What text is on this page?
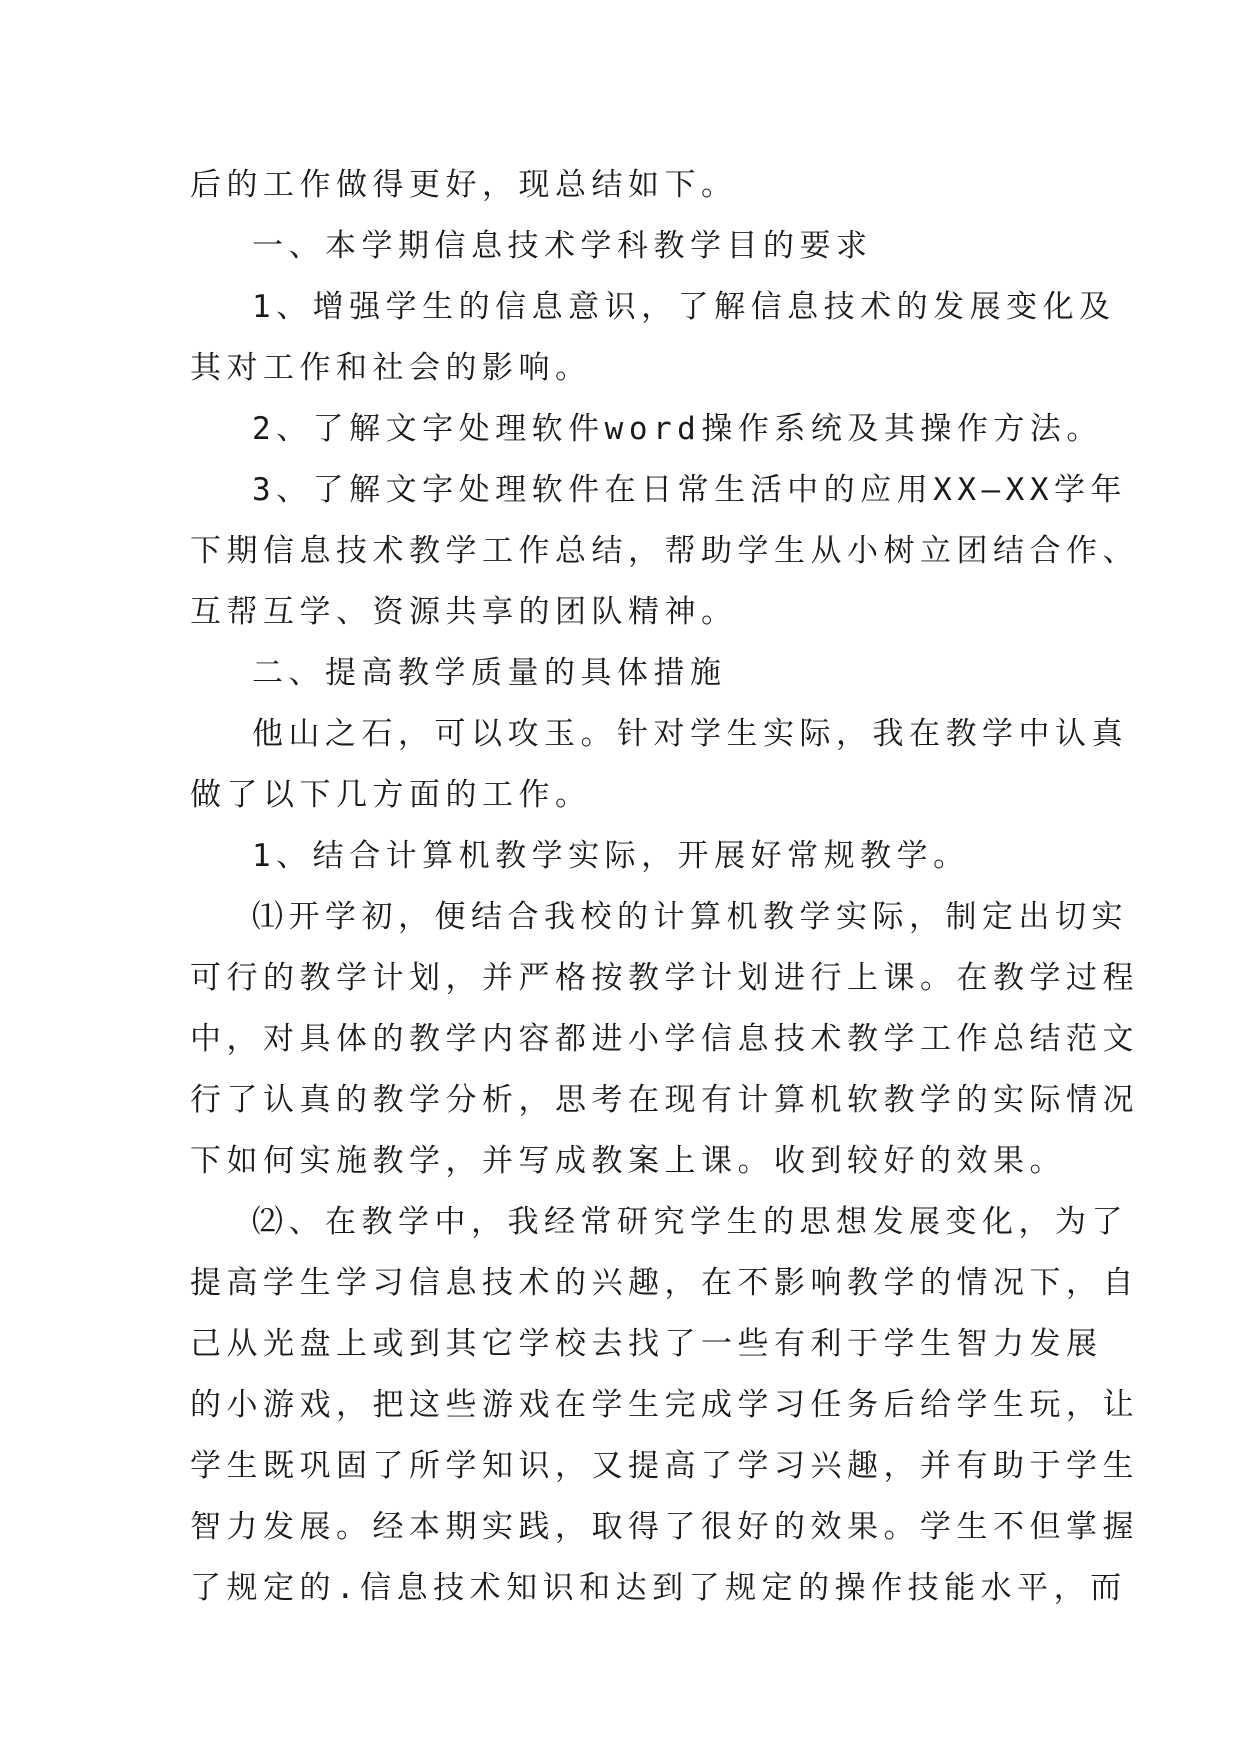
后的工作做得更好，现总结如下。
一、本学期信息技术学科教学目的要求
1、增强学生的信息意识，了解信息技术的发展变化及
其对工作和社会的影响。
2、了解文字处理软件word操作系统及其操作方法。
3、了解文字处理软件在日常生活中的应用XX—XX学年
下期信息技术教学工作总结，帮助学生从小树立团结合作、
互帮互学、资源共享的团队精神。
二、提高教学质量的具体措施
他山之石，可以攻玉。针对学生实际，我在教学中认真
做了以下几方面的工作。
1、结合计算机教学实际，开展好常规教学。
⑴开学初，便结合我校的计算机教学实际，制定出切实
可行的教学计划，并严格按教学计划进行上课。在教学过程
中，对具体的教学内容都进小学信息技术教学工作总结范文
行了认真的教学分析，思考在现有计算机软教学的实际情况
下如何实施教学，并写成教案上课。收到较好的效果。
⑵、在教学中，我经常研究学生的思想发展变化，为了
提高学生学习信息技术的兴趣，在不影响教学的情况下，自
己从光盘上或到其它学校去找了一些有利于学生智力发展
的小游戏，把这些游戏在学生完成学习任务后给学生玩，让
学生既巩固了所学知识，又提高了学习兴趣，并有助于学生
智力发展。经本期实践，取得了很好的效果。学生不但掌握
了规定的.信息技术知识和达到了规定的操作技能水平，而
